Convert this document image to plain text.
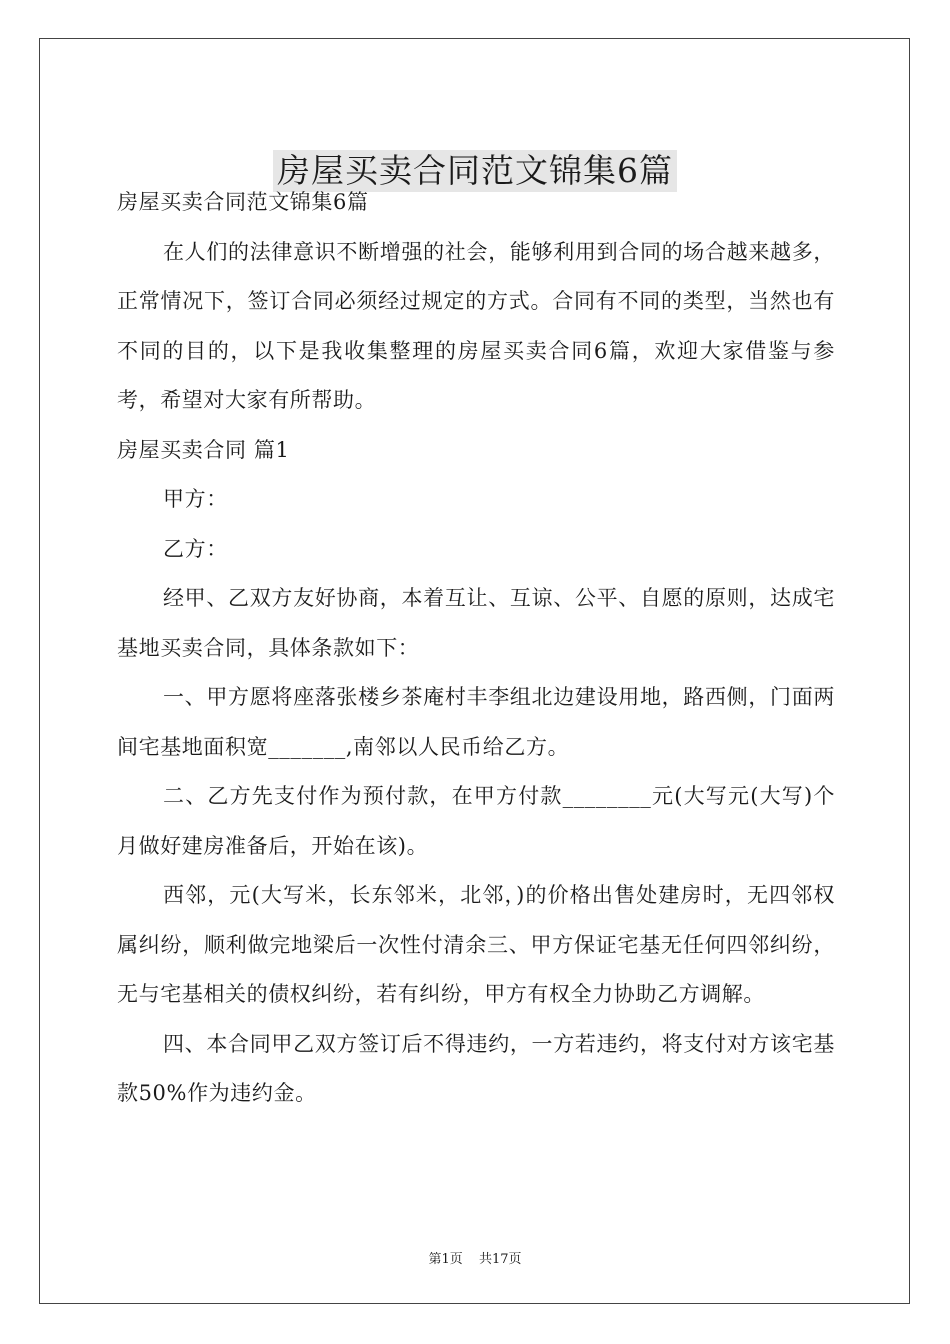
房屋买卖合同范文锦集6篇

房屋买卖合同范文锦集6篇

在人们的法律意识不断增强的社会，能够利用到合同的场合越来越多，正常情况下，签订合同必须经过规定的方式。合同有不同的类型，当然也有不同的目的，以下是我收集整理的房屋买卖合同6篇，欢迎大家借鉴与参考，希望对大家有所帮助。

房屋买卖合同 篇1

甲方：

乙方：

经甲、乙双方友好协商，本着互让、互谅、公平、自愿的原则，达成宅基地买卖合同，具体条款如下：

一、甲方愿将座落张楼乡茶庵村丰李组北边建设用地，路西侧，门面两间宅基地面积宽_______,南邻以人民币给乙方。

二、乙方先支付作为预付款，在甲方付款________元(大写元(大写)个月做好建房准备后，开始在该)。

西邻，元(大写米，长东邻米，北邻，)的价格出售处建房时，无四邻权属纠纷，顺利做完地梁后一次性付清余三、甲方保证宅基无任何四邻纠纷，无与宅基相关的债权纠纷，若有纠纷，甲方有权全力协助乙方调解。

四、本合同甲乙双方签订后不得违约，一方若违约，将支付对方该宅基款50%作为违约金。

第1页 共17页
